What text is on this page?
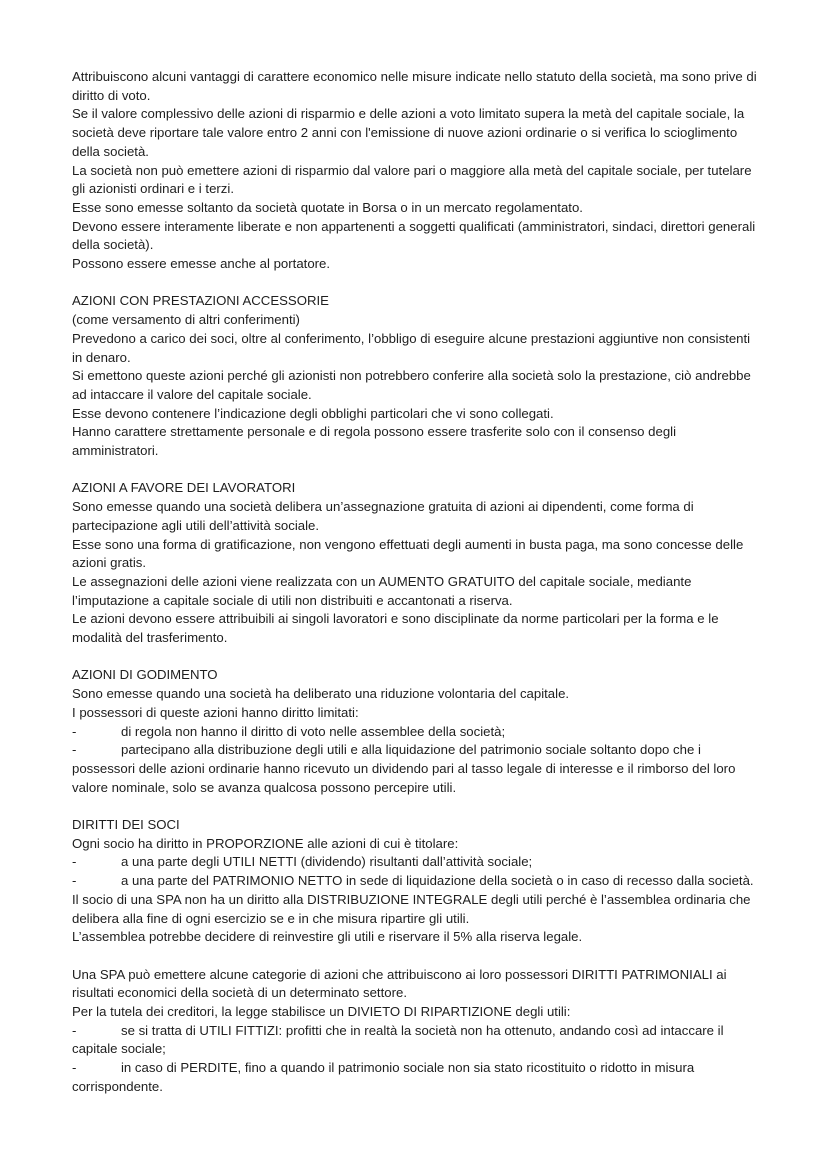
Attribuiscono alcuni vantaggi di carattere economico nelle misure indicate nello statuto della società, ma sono prive di diritto di voto.

Se il valore complessivo delle azioni di risparmio e delle azioni a voto limitato supera la metà del capitale sociale, la società deve riportare tale valore entro 2 anni con l'emissione di nuove azioni ordinarie o si verifica lo scioglimento della società.

La società non può emettere azioni di risparmio dal valore pari o maggiore alla metà del capitale sociale, per tutelare gli azionisti ordinari e i terzi.

Esse sono emesse soltanto da società quotate in Borsa o in un mercato regolamentato.

Devono essere interamente liberate e non appartenenti a soggetti qualificati (amministratori, sindaci, direttori generali della società).

Possono essere emesse anche al portatore.

AZIONI CON PRESTAZIONI ACCESSORIE

(come versamento di altri conferimenti)

Prevedono a carico dei soci, oltre al conferimento, l’obbligo di eseguire alcune prestazioni aggiuntive non consistenti in denaro.

Si emettono queste azioni perché gli azionisti non potrebbero conferire alla società solo la prestazione, ciò andrebbe ad intaccare il valore del capitale sociale.

Esse devono contenere l’indicazione degli obblighi particolari che vi sono collegati.

Hanno carattere strettamente personale e di regola possono essere trasferite solo con il consenso degli amministratori.

AZIONI A FAVORE DEI LAVORATORI

Sono emesse quando una società delibera un’assegnazione gratuita di azioni ai dipendenti, come forma di partecipazione agli utili dell’attività sociale.

Esse sono una forma di gratificazione, non vengono effettuati degli aumenti in busta paga, ma sono concesse delle azioni gratis.

Le assegnazioni delle azioni viene realizzata con un AUMENTO GRATUITO del capitale sociale, mediante l’imputazione a capitale sociale di utili non distribuiti e accantonati a riserva.

Le azioni devono essere attribuibili ai singoli lavoratori e sono disciplinate da norme particolari per la forma e le modalità del trasferimento.

AZIONI DI GODIMENTO

Sono emesse quando una società ha deliberato una riduzione volontaria del capitale.

I possessori di queste azioni hanno diritto limitati:

-	di regola non hanno il diritto di voto nelle assemblee della società;

-	partecipano alla distribuzione degli utili e alla liquidazione del patrimonio sociale soltanto dopo che i possessori delle azioni ordinarie hanno ricevuto un dividendo pari al tasso legale di interesse e il rimborso del loro valore nominale, solo se avanza qualcosa possono percepire utili.

DIRITTI DEI SOCI

Ogni socio ha diritto in PROPORZIONE alle azioni di cui è titolare:

-	a una parte degli UTILI NETTI (dividendo) risultanti dall’attività sociale;

-	a una parte del PATRIMONIO NETTO in sede di liquidazione della società o in caso di recesso dalla società.

Il socio di una SPA non ha un diritto alla DISTRIBUZIONE INTEGRALE degli utili perché è l’assemblea ordinaria che delibera alla fine di ogni esercizio se e in che misura ripartire gli utili.

L’assemblea potrebbe decidere di reinvestire gli utili e riservare il 5% alla riserva legale.

Una SPA può emettere alcune categorie di azioni che attribuiscono ai loro possessori DIRITTI PATRIMONIALI ai risultati economici della società di un determinato settore.

Per la tutela dei creditori, la legge stabilisce un DIVIETO DI RIPARTIZIONE degli utili:

-	se si tratta di UTILI FITTIZI: profitti che in realtà la società non ha ottenuto, andando così ad intaccare il capitale sociale;

-	in caso di PERDITE, fino a quando il patrimonio sociale non sia stato ricostituito o ridotto in misura corrispondente.
